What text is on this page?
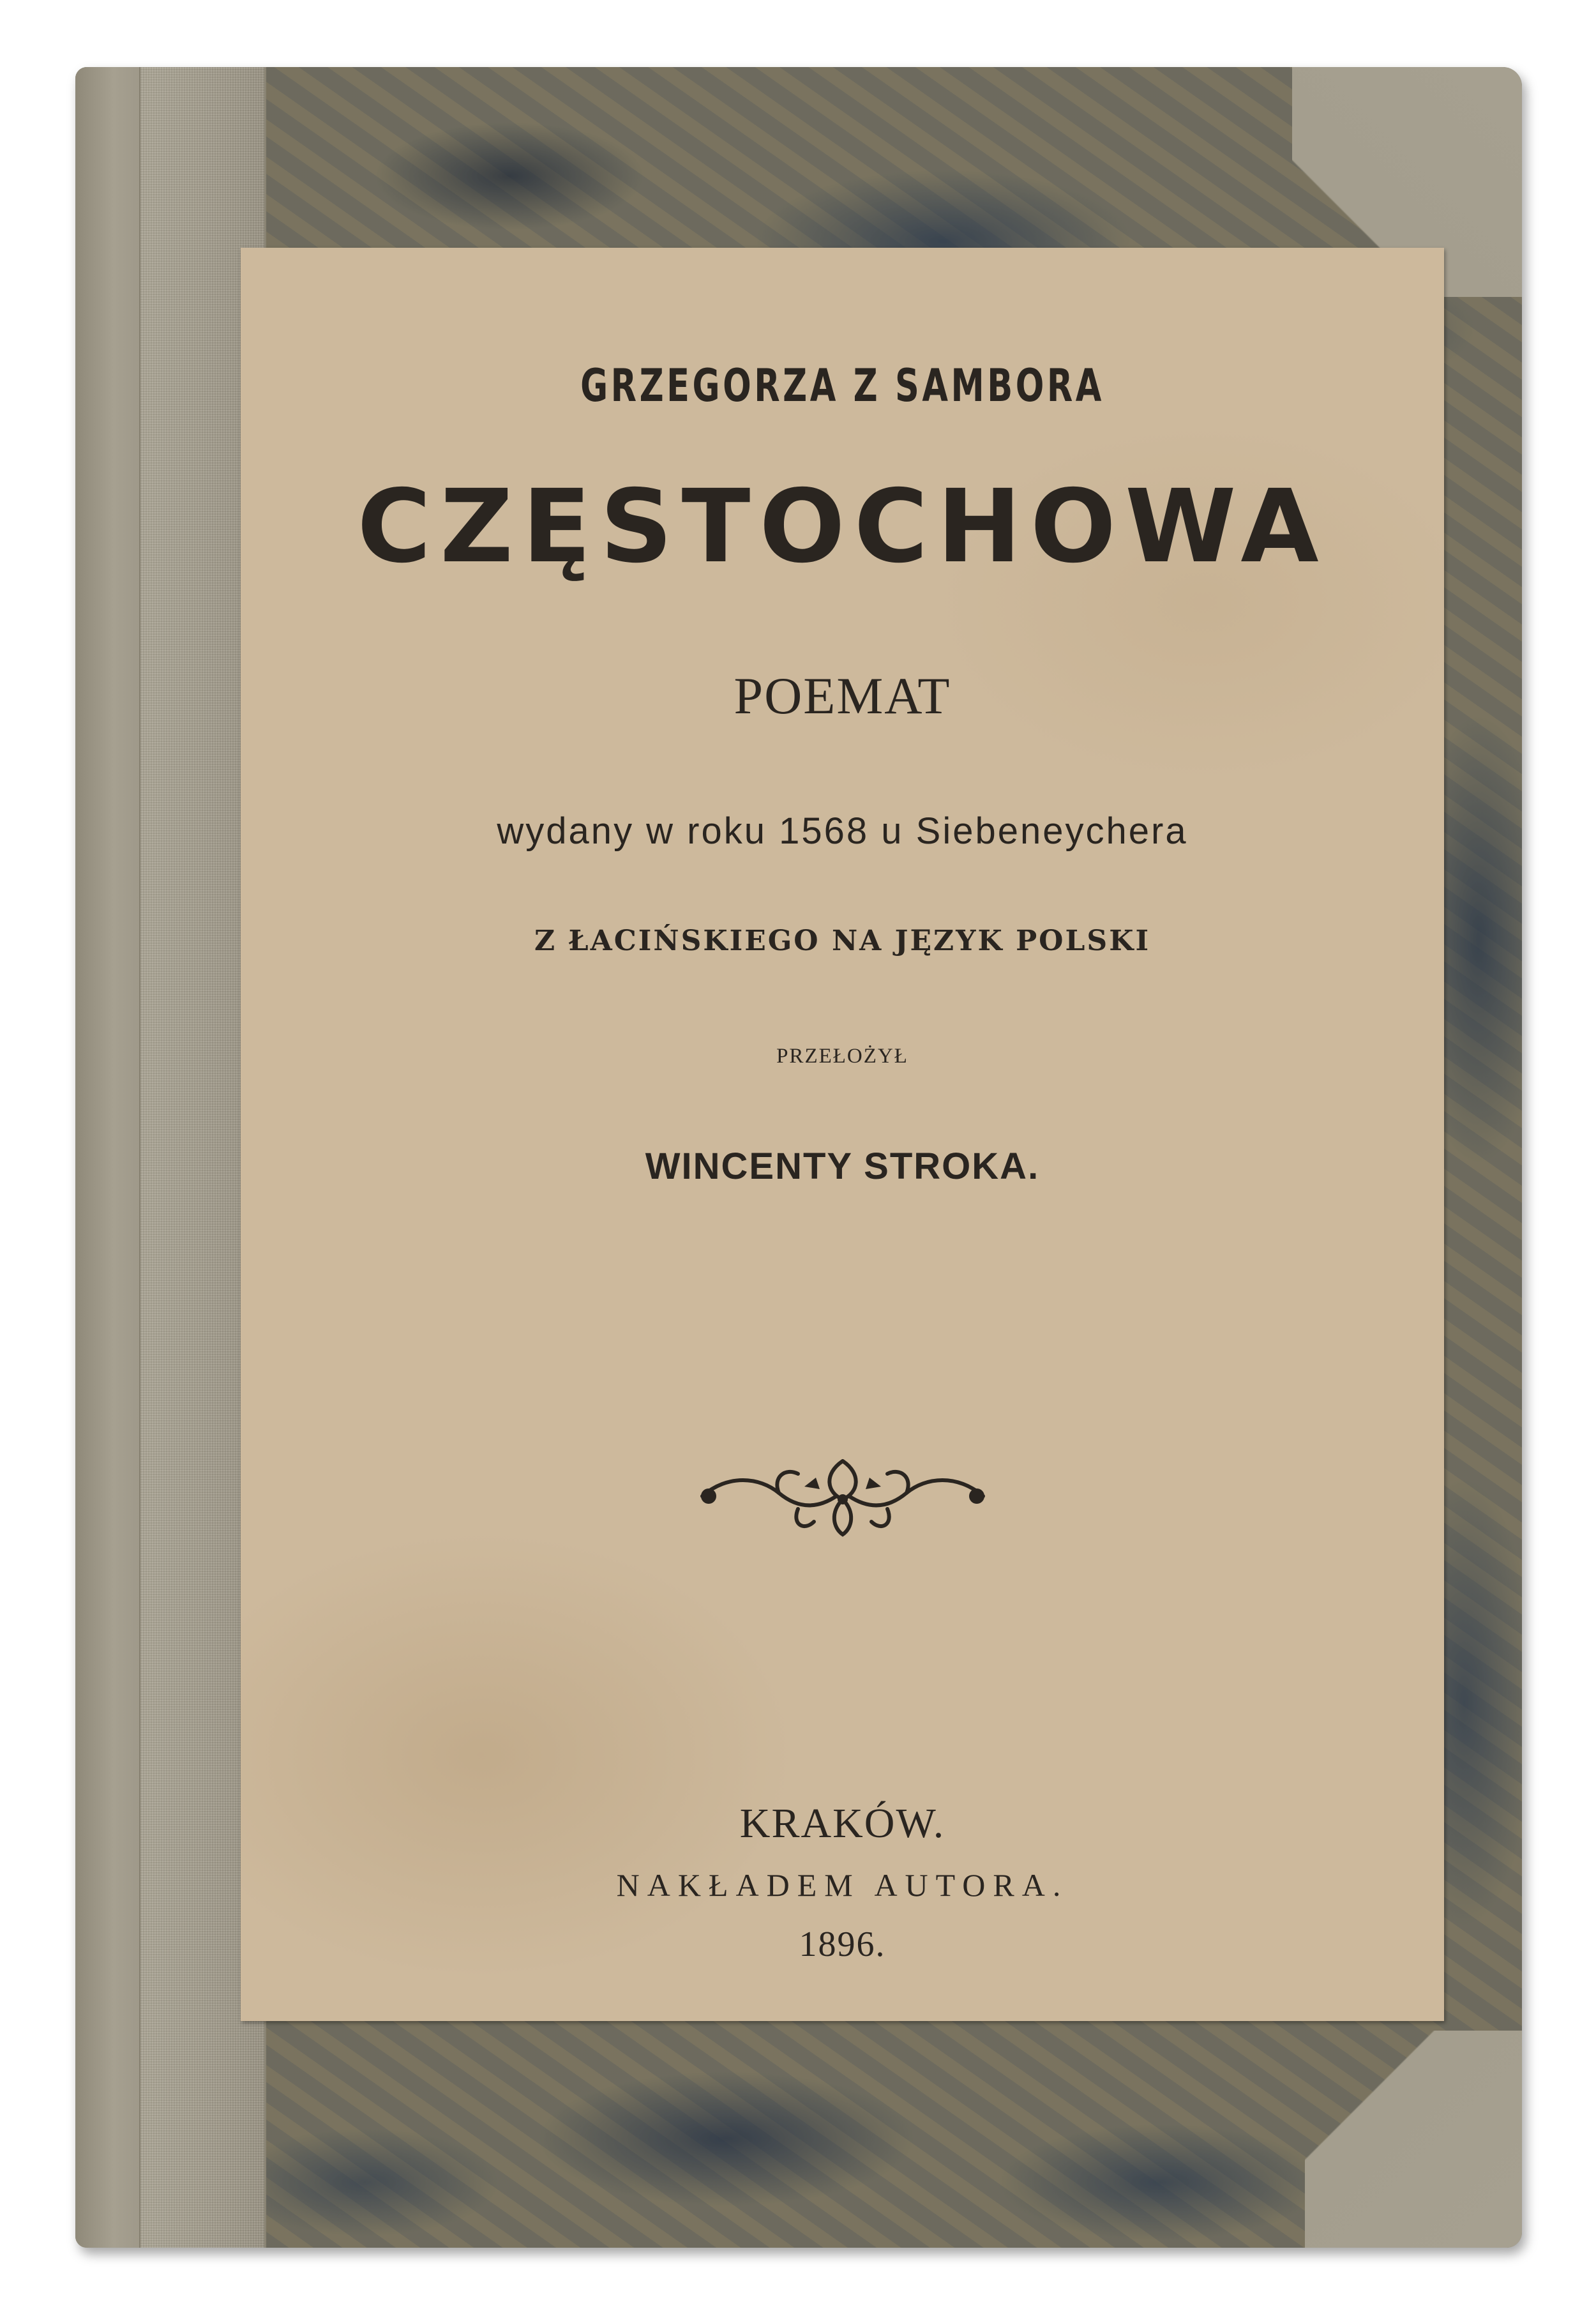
GRZEGORZA Z SAMBORA

CZĘSTOCHOWA

POEMAT

wydany w roku 1568 u Siebeneychera

Z ŁACIŃSKIEGO NA JĘZYK POLSKI

PRZEŁOŻYŁ

WINCENTY STROKA.

KRAKÓW.

NAKŁADEM AUTORA.

1896.
